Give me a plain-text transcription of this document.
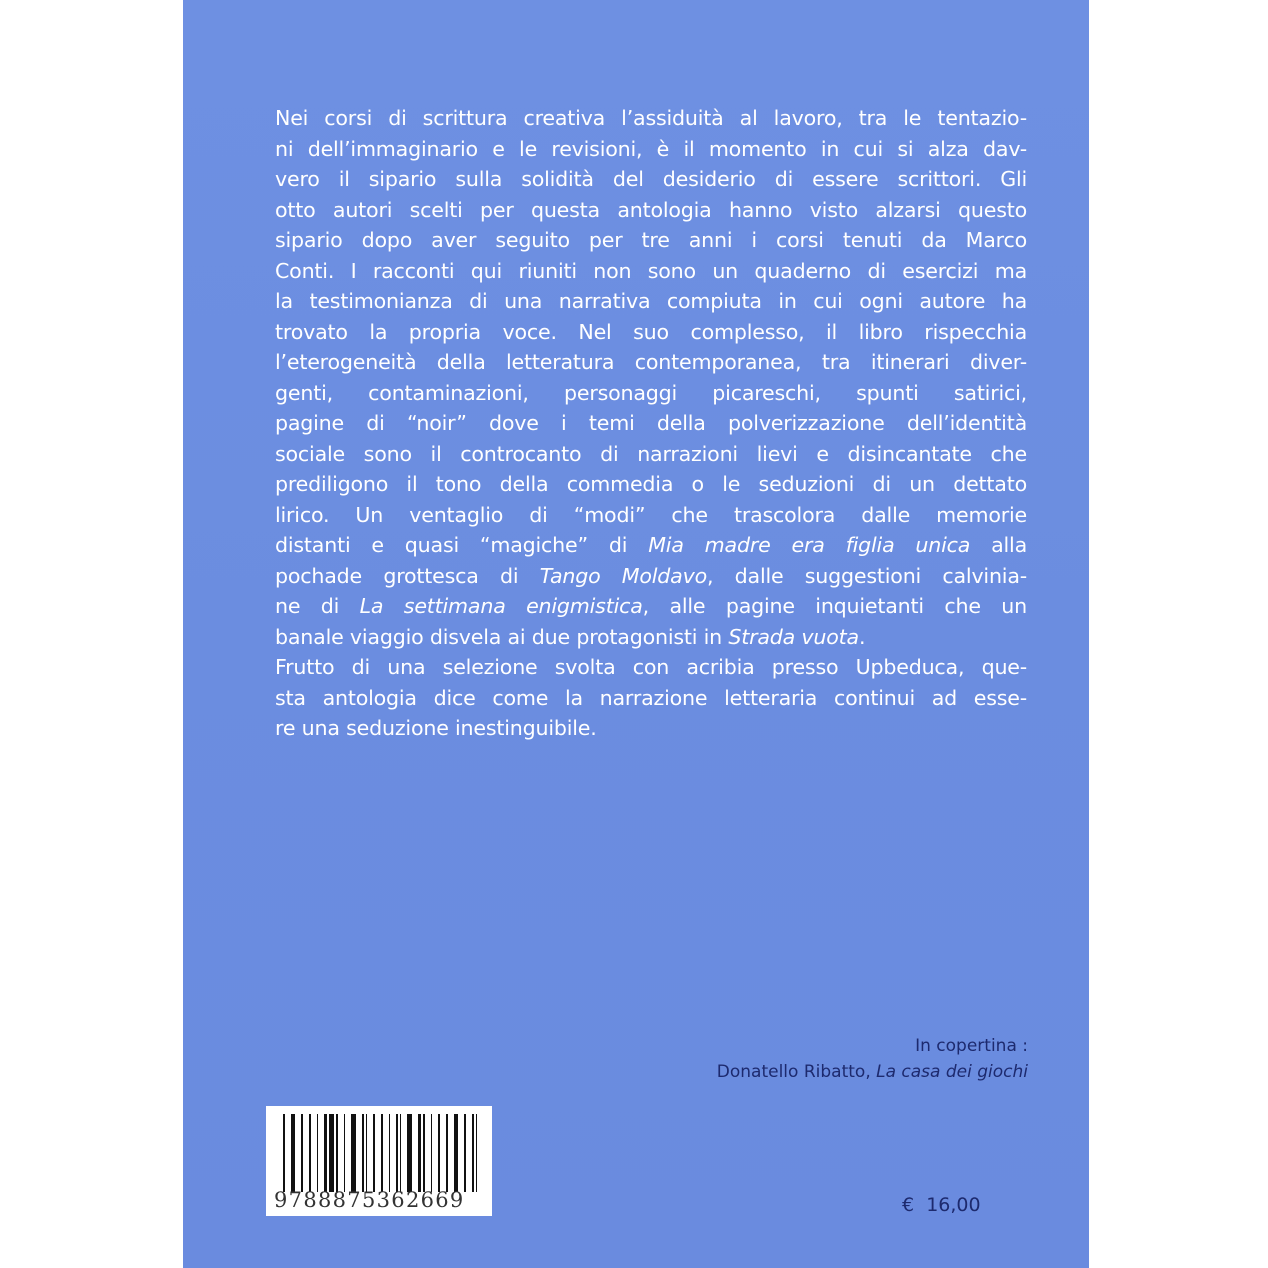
Nei corsi di scrittura creativa l’assiduità al lavoro, tra le tentazio-
ni dell’immaginario e le revisioni, è il momento in cui si alza dav-
vero il sipario sulla solidità del desiderio di essere scrittori. Gli
otto autori scelti per questa antologia hanno visto alzarsi questo
sipario dopo aver seguito per tre anni i corsi tenuti da Marco
Conti. I racconti qui riuniti non sono un quaderno di esercizi ma
la testimonianza di una narrativa compiuta in cui ogni autore ha
trovato la propria voce. Nel suo complesso, il libro rispecchia
l’eterogeneità della letteratura contemporanea, tra itinerari diver-
genti, contaminazioni, personaggi picareschi, spunti satirici,
pagine di “noir” dove i temi della polverizzazione dell’identità
sociale sono il controcanto di narrazioni lievi e disincantate che
prediligono il tono della commedia o le seduzioni di un dettato
lirico. Un ventaglio di “modi” che trascolora dalle memorie
distanti e quasi “magiche” di Mia madre era figlia unica alla
pochade grottesca di Tango Moldavo, dalle suggestioni calvinia-
ne di La settimana enigmistica, alle pagine inquietanti che un
banale viaggio disvela ai due protagonisti in Strada vuota.
Frutto di una selezione svolta con acribia presso Upbeduca, que-
sta antologia dice come la narrazione letteraria continui ad esse-
re una seduzione inestinguibile.
In copertina :
Donatello Ribatto, La casa dei giochi
9788875362669	€ 16,00
